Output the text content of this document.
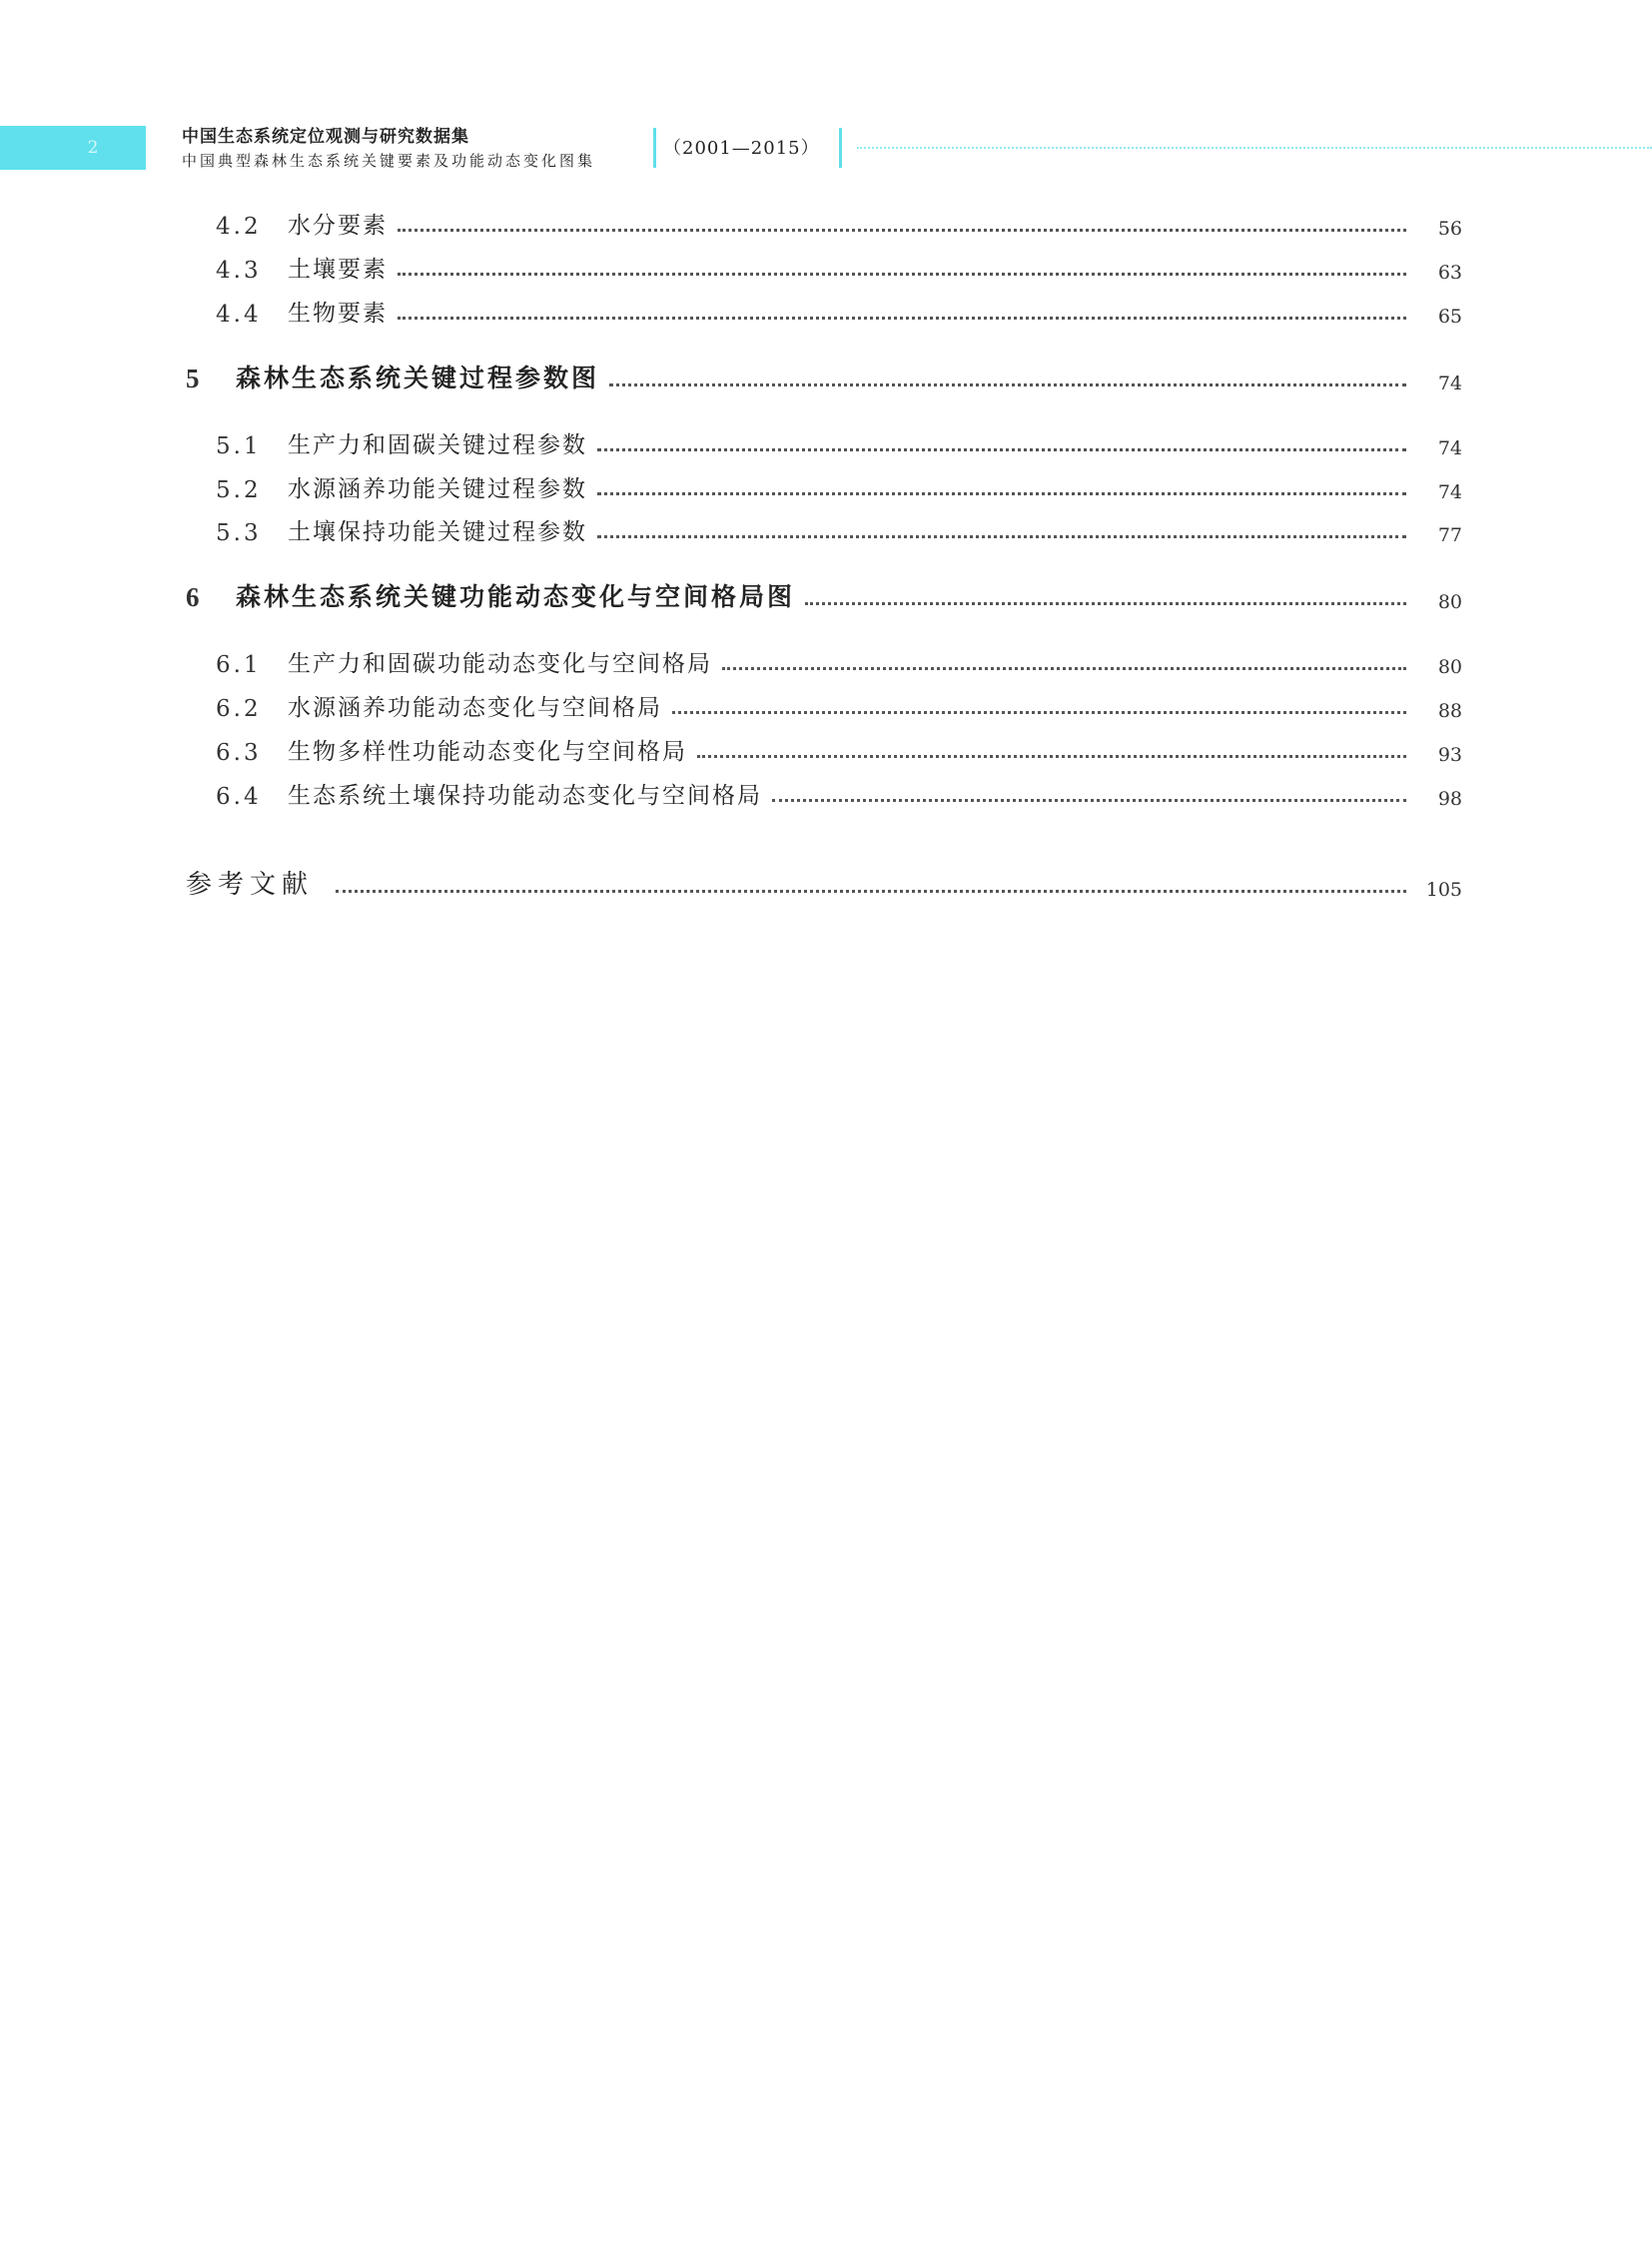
2
中国生态系统定位观测与研究数据集
中国典型森林生态系统关键要素及功能动态变化图集
（2001—2015）
4.2	水分要素	56
4.3	土壤要素	63
4.4	生物要素	65
5	森林生态系统关键过程参数图	74
5.1	生产力和固碳关键过程参数	74
5.2	水源涵养功能关键过程参数	74
5.3	土壤保持功能关键过程参数	77
6	森林生态系统关键功能动态变化与空间格局图	80
6.1	生产力和固碳功能动态变化与空间格局	80
6.2	水源涵养功能动态变化与空间格局	88
6.3	生物多样性功能动态变化与空间格局	93
6.4	生态系统土壤保持功能动态变化与空间格局	98
参考文献	105
